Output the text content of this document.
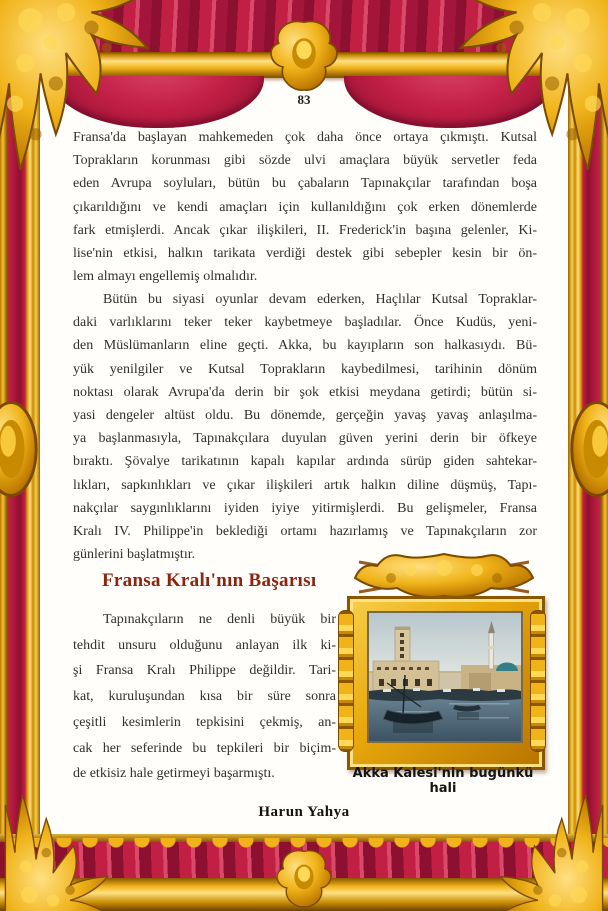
83
Fransa'da başlayan mahkemeden çok daha önce ortaya çıkmıştı. Kutsal
Toprakların korunması gibi sözde ulvi amaçlara büyük servetler feda
eden Avrupa soyluları, bütün bu çabaların Tapınakçılar tarafından boşa
çıkarıldığını ve kendi amaçları için kullanıldığını çok erken dönemlerde
fark etmişlerdi. Ancak çıkar ilişkileri, II. Frederick'in başına gelenler, Ki-
lise'nin etkisi, halkın tarikata verdiği destek gibi sebepler kesin bir ön-
lem almayı engellemiş olmalıdır.
Bütün bu siyasi oyunlar devam ederken, Haçlılar Kutsal Topraklar-
daki varlıklarını teker teker kaybetmeye başladılar. Önce Kudüs, yeni-
den Müslümanların eline geçti. Akka, bu kayıpların son halkasıydı. Bü-
yük yenilgiler ve Kutsal Toprakların kaybedilmesi, tarihinin dönüm
noktası olarak Avrupa'da derin bir şok etkisi meydana getirdi; bütün si-
yasi dengeler altüst oldu. Bu dönemde, gerçeğin yavaş yavaş anlaşılma-
ya başlanmasıyla, Tapınakçılara duyulan güven yerini derin bir öfkeye
bıraktı. Şövalye tarikatının kapalı kapılar ardında sürüp giden sahtekar-
lıkları, sapkınlıkları ve çıkar ilişkileri artık halkın diline düşmüş, Tapı-
nakçılar saygınlıklarını iyiden iyiye yitirmişlerdi. Bu gelişmeler, Fransa
Kralı IV. Philippe'in beklediği ortamı hazırlamış ve Tapınakçıların zor
günlerini başlatmıştır.
Fransa Kralı'nın Başarısı
Tapınakçıların ne denli büyük bir
tehdit unsuru olduğunu anlayan ilk ki-
şi Fransa Kralı Philippe değildir. Tari-
kat, kuruluşundan kısa bir süre sonra
çeşitli kesimlerin tepkisini çekmiş, an-
cak her seferinde bu tepkileri bir biçim-
de etkisiz hale getirmeyi başarmıştı.	Akka Kalesi'nin bugünkü hali
Harun Yahya
